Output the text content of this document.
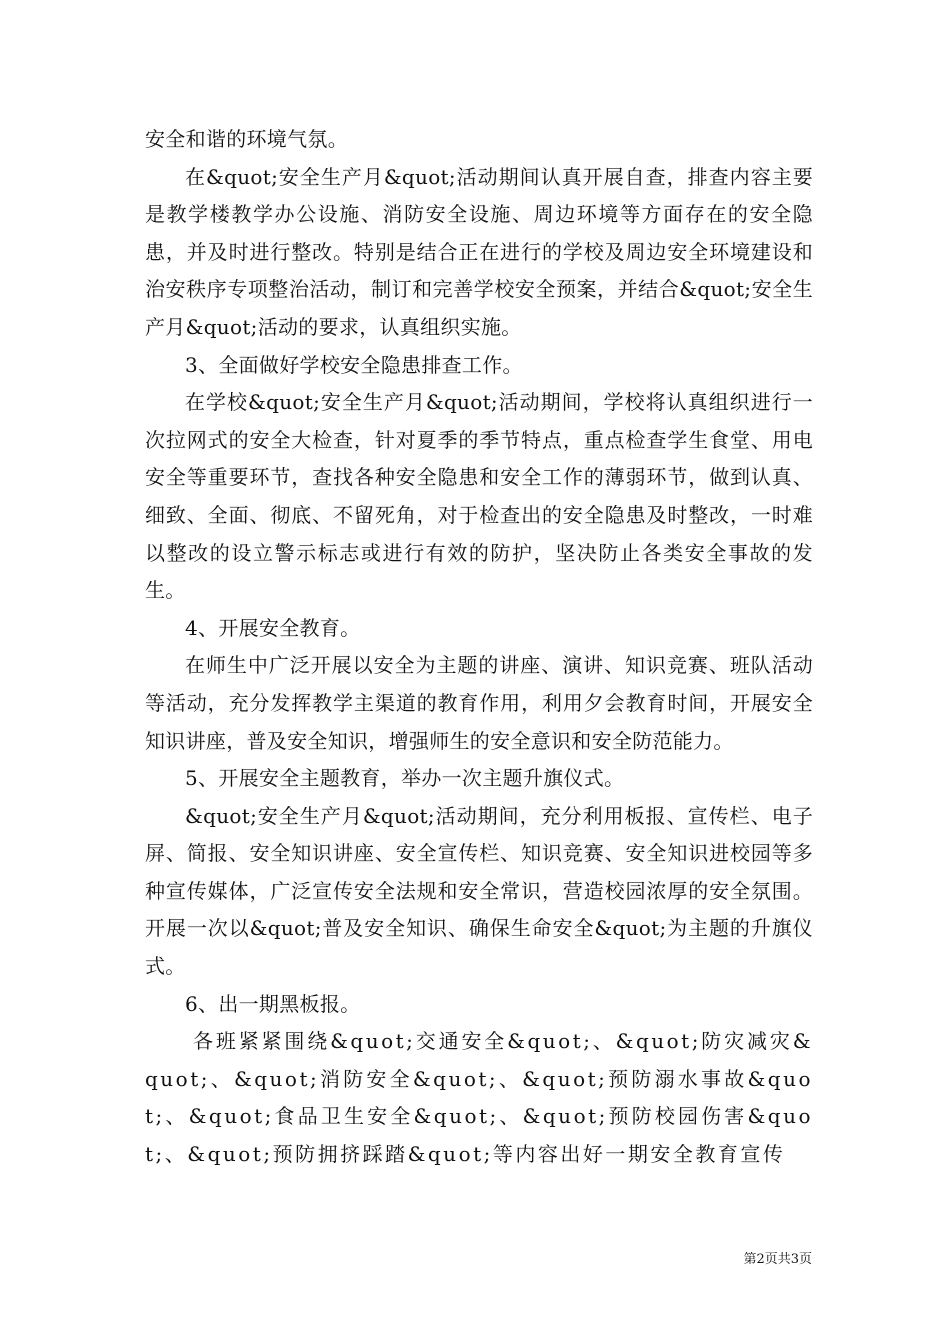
安全和谐的环境气氛。

在&quot;安全生产月&quot;活动期间认真开展自查，排查内容主要是教学楼教学办公设施、消防安全设施、周边环境等方面存在的安全隐患，并及时进行整改。特别是结合正在进行的学校及周边安全环境建设和治安秩序专项整治活动，制订和完善学校安全预案，并结合&quot;安全生产月&quot;活动的要求，认真组织实施。

3、全面做好学校安全隐患排查工作。

在学校&quot;安全生产月&quot;活动期间，学校将认真组织进行一次拉网式的安全大检查，针对夏季的季节特点，重点检查学生食堂、用电安全等重要环节，查找各种安全隐患和安全工作的薄弱环节，做到认真、细致、全面、彻底、不留死角，对于检查出的安全隐患及时整改，一时难以整改的设立警示标志或进行有效的防护，坚决防止各类安全事故的发生。

4、开展安全教育。

在师生中广泛开展以安全为主题的讲座、演讲、知识竞赛、班队活动等活动，充分发挥教学主渠道的教育作用，利用夕会教育时间，开展安全知识讲座，普及安全知识，增强师生的安全意识和安全防范能力。

5、开展安全主题教育，举办一次主题升旗仪式。

&quot;安全生产月&quot;活动期间，充分利用板报、宣传栏、电子屏、简报、安全知识讲座、安全宣传栏、知识竞赛、安全知识进校园等多种宣传媒体，广泛宣传安全法规和安全常识，营造校园浓厚的安全氛围。开展一次以&quot;普及安全知识、确保生命安全&quot;为主题的升旗仪式。

6、出一期黑板报。

各班紧紧围绕&quot;交通安全&quot;、&quot;防灾减灾&quot;、&quot;消防安全&quot;、&quot;预防溺水事故&quot;、&quot;食品卫生安全&quot;、&quot;预防校园伤害&quot;、&quot;预防拥挤踩踏&quot;等内容出好一期安全教育宣传

第2页共3页
